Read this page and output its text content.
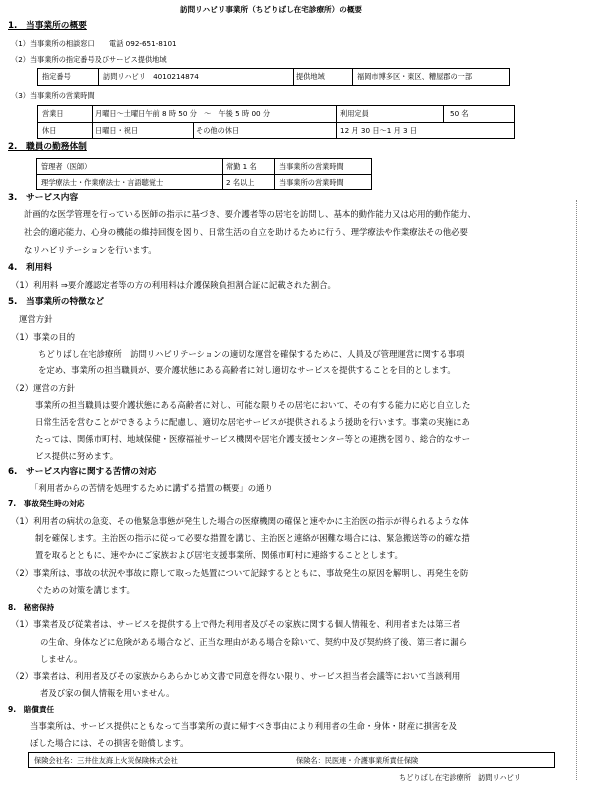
訪問リハビリ事業所（ちどりばし在宅診療所）の概要
1.　当事業所の概要
（1）当事業所の相談窓口　　電話 092-651-8101
（2）当事業所の指定番号及びサービス提供地域
指定番号	訪問リハビリ　4010214874	提供地域	福岡市博多区・東区、糟屋郡の一部
（3）当事業所の営業時間
営業日	月曜日～土曜日午前 8 時 50 分　～　午後 5 時 00 分	利用定員	50 名
休日	日曜日・祝日	その他の休日	12 月 30 日～1 月 3 日
2.　職員の勤務体制
管理者（医師）	常勤 1 名	当事業所の営業時間
理学療法士・作業療法士・言語聴覚士	2 名以上	当事業所の営業時間
3.　サービス内容
計画的な医学管理を行っている医師の指示に基づき、要介護者等の居宅を訪問し、基本的動作能力又は応用的動作能力、
社会的適応能力、心身の機能の維持回復を図り、日常生活の自立を助けるために行う、理学療法や作業療法その他必要
なリハビリテーションを行います。
4.　利用料
（1）利用料 ⇒要介護認定者等の方の利用料は介護保険負担割合証に記載された割合。
5.　当事業所の特徴など
運営方針
（1）事業の目的
ちどりばし在宅診療所　訪問リハビリテーションの適切な運営を確保するために、人員及び管理運営に関する事項
を定め、事業所の担当職員が、要介護状態にある高齢者に対し適切なサービスを提供することを目的とします。
（2）運営の方針
事業所の担当職員は要介護状態にある高齢者に対し、可能な限りその居宅において、その有する能力に応じ自立した
日常生活を営むことができるように配慮し、適切な居宅サービスが提供されるよう援助を行います。事業の実施にあ
たっては、関係市町村、地域保健・医療福祉サービス機関や居宅介護支援センター等との連携を図り、総合的なサー
ビス提供に努めます。
6.　サービス内容に関する苦情の対応
「利用者からの苦情を処理するために講ずる措置の概要」の通り
7.　事故発生時の対応
（1）利用者の病状の急変、その他緊急事態が発生した場合の医療機関の確保と速やかに主治医の指示が得られるような体
制を確保します。主治医の指示に従って必要な措置を講じ、主治医と連絡が困難な場合には、緊急搬送等の的確な措
置を取るとともに、速やかにご家族および居宅支援事業所、関係市町村に連絡することとします。
（2）事業所は、事故の状況や事故に際して取った処置について記録するとともに、事故発生の原因を解明し、再発生を防
ぐための対策を講じます。
8.　秘密保持
（1）事業者及び従業者は、サービスを提供する上で得た利用者及びその家族に関する個人情報を、利用者または第三者
の生命、身体などに危険がある場合など、正当な理由がある場合を除いて、契約中及び契約終了後、第三者に漏ら
しません。
（2）事業者は、利用者及びその家族からあらかじめ文書で同意を得ない限り、サービス担当者会議等において当該利用
者及び家の個人情報を用いません。
9.　賠償責任
当事業所は、サービス提供にともなって当事業所の責に帰すべき事由により利用者の生命・身体・財産に損害を及
ぼした場合には、その損害を賠償します。
保険会社名：三井住友海上火災保険株式会社	保険名：民医連・介護事業所責任保険
ちどりばし在宅診療所　訪問リハビリ
